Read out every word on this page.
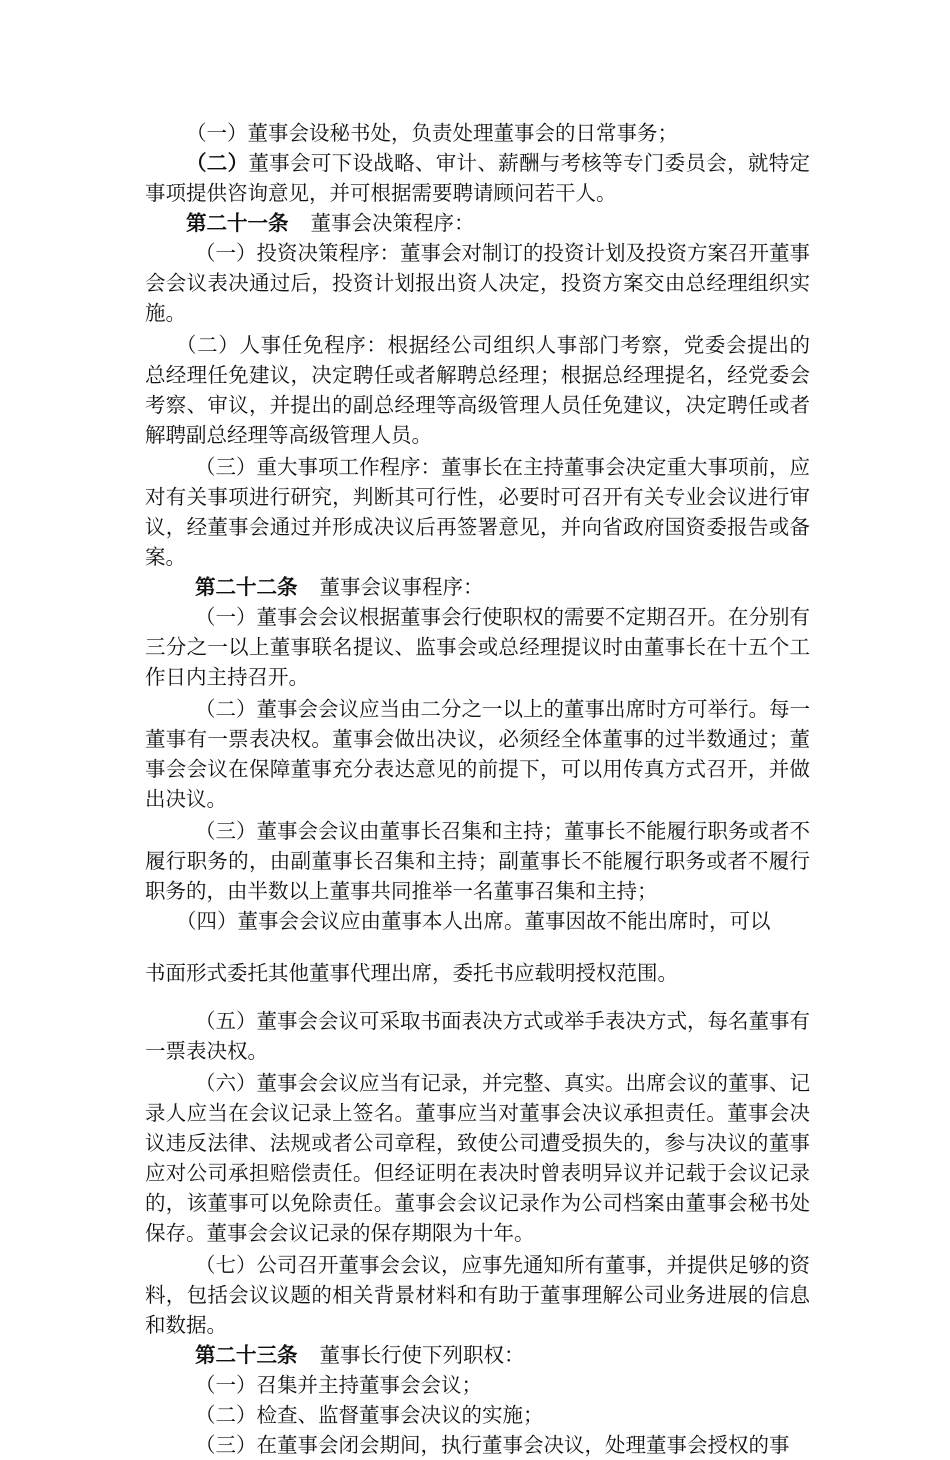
（一）董事会设秘书处，负责处理董事会的日常事务；

（二）董事会可下设战略、审计、薪酬与考核等专门委员会，就特定事项提供咨询意见，并可根据需要聘请顾问若干人。

第二十一条 董事会决策程序：

（一）投资决策程序：董事会对制订的投资计划及投资方案召开董事会会议表决通过后，投资计划报出资人决定，投资方案交由总经理组织实施。

（二）人事任免程序：根据经公司组织人事部门考察，党委会提出的总经理任免建议，决定聘任或者解聘总经理；根据总经理提名，经党委会考察、审议，并提出的副总经理等高级管理人员任免建议，决定聘任或者解聘副总经理等高级管理人员。

（三）重大事项工作程序：董事长在主持董事会决定重大事项前，应对有关事项进行研究，判断其可行性，必要时可召开有关专业会议进行审议，经董事会通过并形成决议后再签署意见，并向省政府国资委报告或备案。

第二十二条 董事会议事程序：

（一）董事会会议根据董事会行使职权的需要不定期召开。在分别有三分之一以上董事联名提议、监事会或总经理提议时由董事长在十五个工作日内主持召开。

（二）董事会会议应当由二分之一以上的董事出席时方可举行。每一董事有一票表决权。董事会做出决议，必须经全体董事的过半数通过；董事会会议在保障董事充分表达意见的前提下，可以用传真方式召开，并做出决议。

（三）董事会会议由董事长召集和主持；董事长不能履行职务或者不履行职务的，由副董事长召集和主持；副董事长不能履行职务或者不履行职务的，由半数以上董事共同推举一名董事召集和主持；

（四）董事会会议应由董事本人出席。董事因故不能出席时，可以

书面形式委托其他董事代理出席，委托书应载明授权范围。

（五）董事会会议可采取书面表决方式或举手表决方式，每名董事有一票表决权。

（六）董事会会议应当有记录，并完整、真实。出席会议的董事、记录人应当在会议记录上签名。董事应当对董事会决议承担责任。董事会决议违反法律、法规或者公司章程，致使公司遭受损失的，参与决议的董事应对公司承担赔偿责任。但经证明在表决时曾表明异议并记载于会议记录的，该董事可以免除责任。董事会会议记录作为公司档案由董事会秘书处保存。董事会会议记录的保存期限为十年。

（七）公司召开董事会会议，应事先通知所有董事，并提供足够的资料，包括会议议题的相关背景材料和有助于董事理解公司业务进展的信息和数据。

第二十三条 董事长行使下列职权：

（一）召集并主持董事会会议；

（二）检查、监督董事会决议的实施；

（三）在董事会闭会期间，执行董事会决议，处理董事会授权的事
